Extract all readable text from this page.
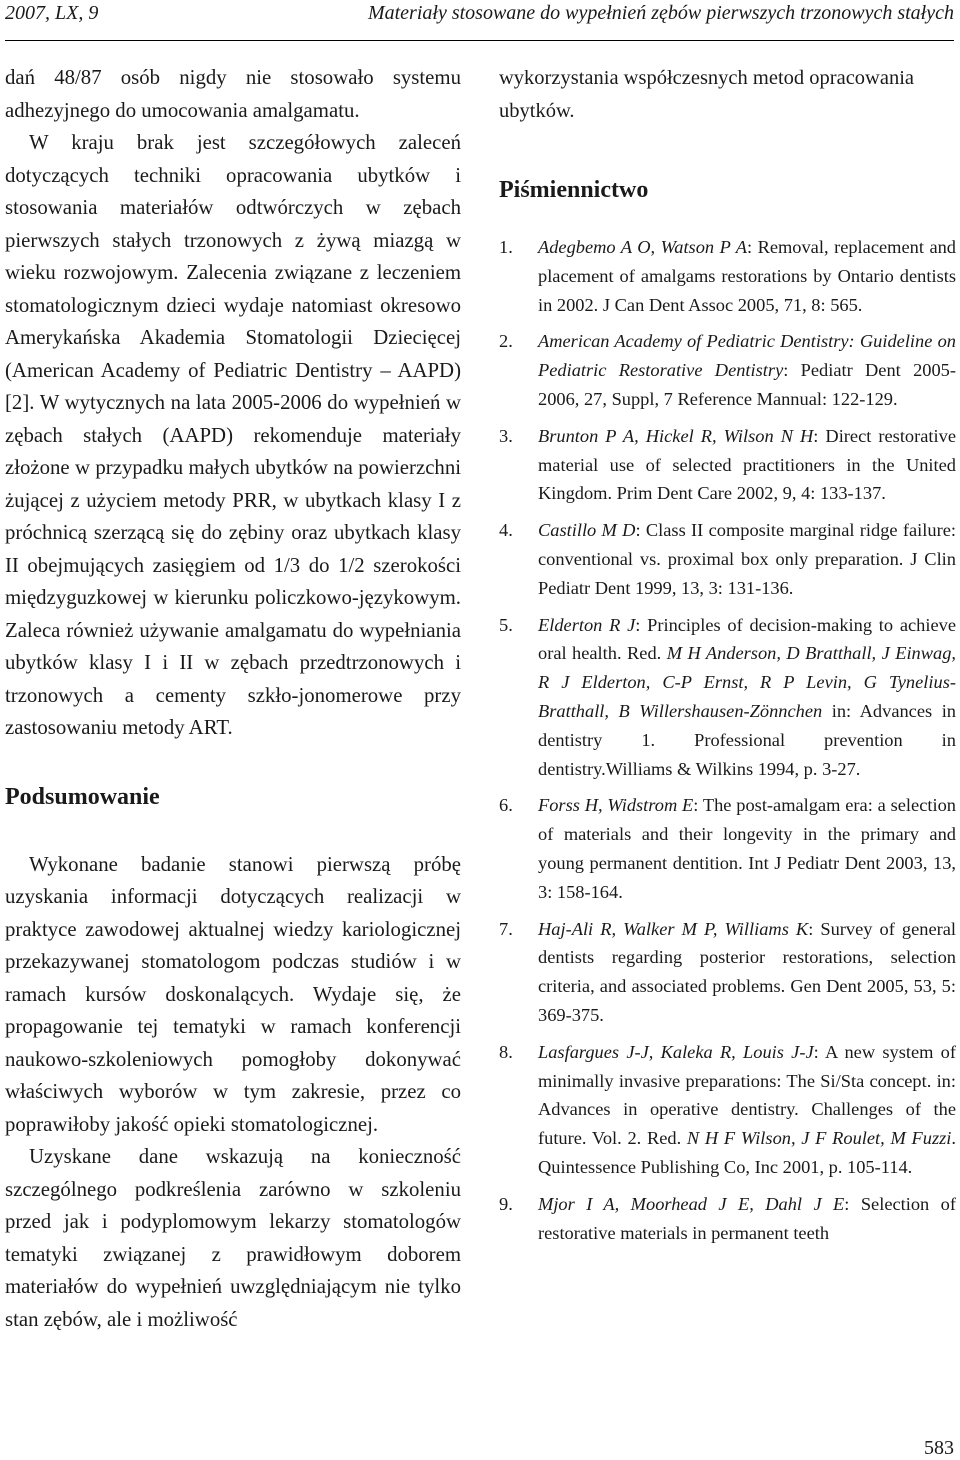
2007, LX, 9	Materiały stosowane do wypełnień zębów pierwszych trzonowych stałych

dań 48/87 osób nigdy nie stosowało systemu adhezyjnego do umocowania amalgamatu.

W kraju brak jest szczegółowych zaleceń dotyczących techniki opracowania ubytków i stosowania materiałów odtwórczych w zębach pierwszych stałych trzonowych z żywą miazgą w wieku rozwojowym. Zalecenia związane z leczeniem stomatologicznym dzieci wydaje natomiast okresowo Amerykańska Akademia Stomatologii Dziecięcej (American Academy of Pediatric Dentistry – AAPD) [2]. W wytycznych na lata 2005-2006 do wypełnień w zębach stałych (AAPD) rekomenduje materiały złożone w przypadku małych ubytków na powierzchni żującej z użyciem metody PRR, w ubytkach klasy I z próchnicą szerzącą się do zębiny oraz ubytkach klasy II obejmujących zasięgiem od 1/3 do 1/2 szerokości międzyguzkowej w kierunku policzkowo-językowym. Zaleca również używanie amalgamatu do wypełniania ubytków klasy I i II w zębach przedtrzonowych i trzonowych a cementy szkło-jonomerowe przy zastosowaniu metody ART.

Podsumowanie

Wykonane badanie stanowi pierwszą próbę uzyskania informacji dotyczących realizacji w praktyce zawodowej aktualnej wiedzy kariologicznej przekazywanej stomatologom podczas studiów i w ramach kursów doskonalących. Wydaje się, że propagowanie tej tematyki w ramach konferencji naukowo-szkoleniowych pomogłoby dokonywać właściwych wyborów w tym zakresie, przez co poprawiłoby jakość opieki stomatologicznej.

Uzyskane dane wskazują na konieczność szczególnego podkreślenia zarówno w szkoleniu przed jak i podyplomowym lekarzy stomatologów tematyki związanej z prawidłowym doborem materiałów do wypełnień uwzględniającym nie tylko stan zębów, ale i możliwość

wykorzystania współczesnych metod opracowania ubytków.

Piśmiennictwo
1. Adegbemo A O, Watson P A: Removal, replacement and placement of amalgams restorations by Ontario dentists in 2002. J Can Dent Assoc 2005, 71, 8: 565.
2. American Academy of Pediatric Dentistry: Guideline on Pediatric Restorative Dentistry: Pediatr Dent 2005-2006, 27, Suppl, 7 Reference Mannual: 122-129.
3. Brunton P A, Hickel R, Wilson N H: Direct restorative material use of selected practitioners in the United Kingdom. Prim Dent Care 2002, 9, 4: 133-137.
4. Castillo M D: Class II composite marginal ridge failure: conventional vs. proximal box only preparation. J Clin Pediatr Dent 1999, 13, 3: 131-136.
5. Elderton R J: Principles of decision-making to achieve oral health. Red. M H Anderson, D Bratthall, J Einwag, R J Elderton, C-P Ernst, R P Levin, G Tynelius-Bratthall, B Willershausen-Zönnchen in: Advances in dentistry 1. Professional prevention in dentistry.Williams & Wilkins 1994, p. 3-27.
6. Forss H, Widstrom E: The post-amalgam era: a selection of materials and their longevity in the primary and young permanent dentition. Int J Pediatr Dent 2003, 13, 3: 158-164.
7. Haj-Ali R, Walker M P, Williams K: Survey of general dentists regarding posterior restorations, selection criteria, and associated problems. Gen Dent 2005, 53, 5: 369-375.
8. Lasfargues J-J, Kaleka R, Louis J-J: A new system of minimally invasive preparations: The Si/Sta concept. in: Advances in operative dentistry. Challenges of the future. Vol. 2. Red. N H F Wilson, J F Roulet, M Fuzzi. Quintessence Publishing Co, Inc 2001, p. 105-114.
9. Mjor I A, Moorhead J E, Dahl J E: Selection of restorative materials in permanent teeth
583
